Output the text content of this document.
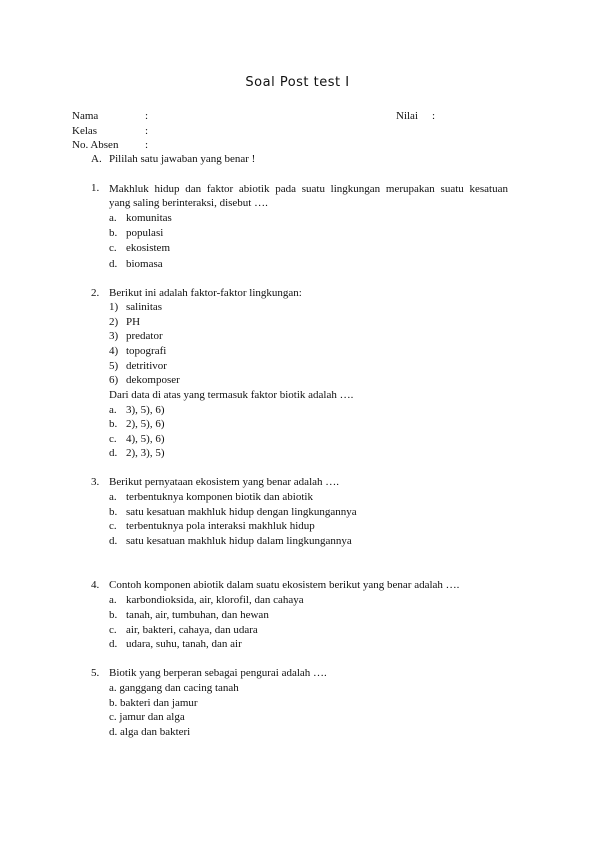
Soal Post test I
Nama	:	Nilai :
Kelas	:
No. Absen :
A. Pililah satu jawaban yang benar !
1. Makhluk hidup dan faktor abiotik pada suatu lingkungan merupakan suatu kesatuan
yang saling berinteraksi, disebut ….
a. komunitas
b. populasi
c. ekosistem
d. biomasa
2. Berikut ini adalah faktor-faktor lingkungan:
1) salinitas
2) PH
3) predator
4) topografi
5) detritivor
6) dekomposer
Dari data di atas yang termasuk faktor biotik adalah ….
a. 3), 5), 6)
b. 2), 5), 6)
c. 4), 5), 6)
d. 2), 3), 5)
3. Berikut pernyataan ekosistem yang benar adalah ….
a. terbentuknya komponen biotik dan abiotik
b. satu kesatuan makhluk hidup dengan lingkungannya
c. terbentuknya pola interaksi makhluk hidup
d. satu kesatuan makhluk hidup dalam lingkungannya
4. Contoh komponen abiotik dalam suatu ekosistem berikut yang benar adalah ….
a. karbondioksida, air, klorofil, dan cahaya
b. tanah, air, tumbuhan, dan hewan
c. air, bakteri, cahaya, dan udara
d. udara, suhu, tanah, dan air
5. Biotik yang berperan sebagai pengurai adalah ….
a. ganggang dan cacing tanah
b. bakteri dan jamur
c. jamur dan alga
d. alga dan bakteri
